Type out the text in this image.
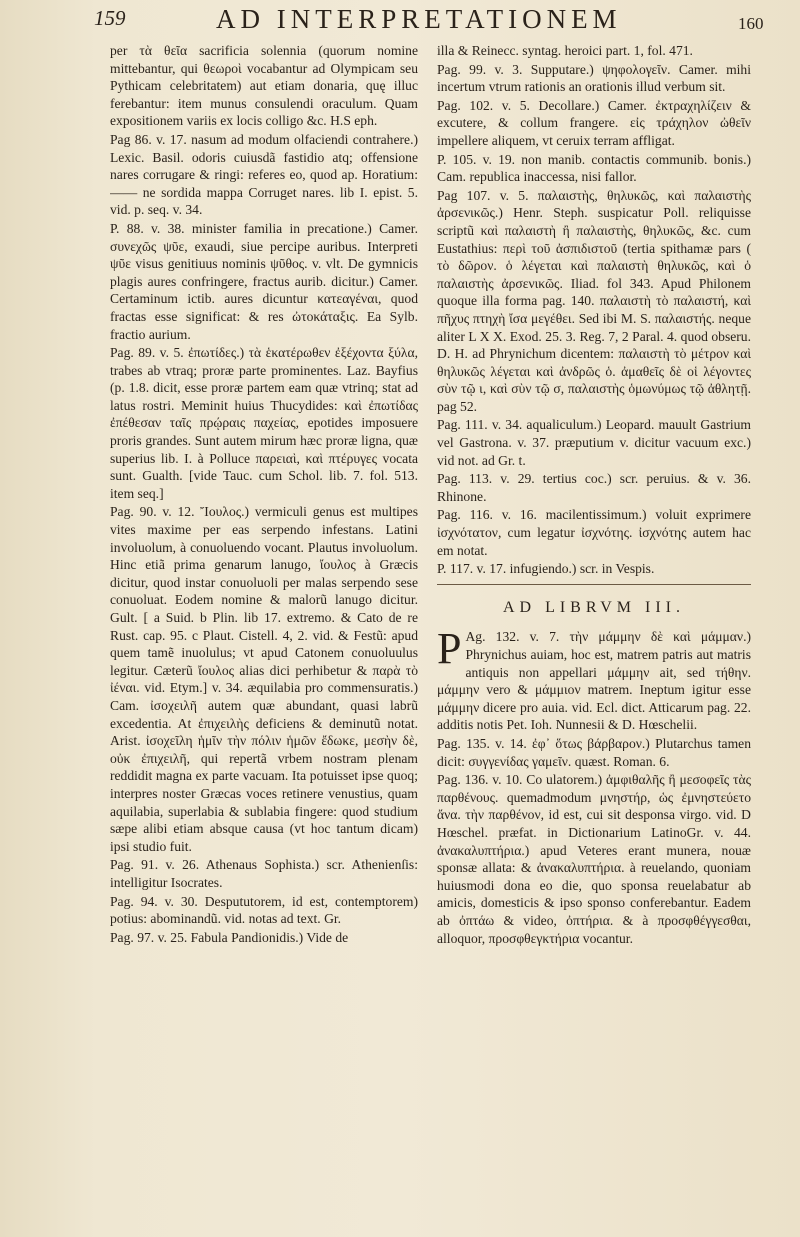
159	AD INTERPRETATIONEM	160

per τὰ θεῖα sacrificia solennia (quorum nomine mittebantur, qui θεωροὶ vocabantur ad Olympicam seu Pythicam celebritatem) aut etiam donaria, quę illuc ferebantur: item munus consulendi oraculum. Quam expositionem variis ex locis colligo &c. H.S eph.

Pag 86. v. 17. nasum ad modum olfaciendi contrahere.) Lexic. Basil. odoris cuiusdã fastidio atq; offensione nares corrugare & ringi: referes eo, quod ap. Horatium: —— ne sordida mappa Corruget nares. lib I. epist. 5. vid. p. seq. v. 34.

P. 88. v. 38. minister familia in precatione.) Camer. συνεχῶς ψῦε, exaudi, siue percipe auribus. Interpreti ψῦε visus genitiuus nominis ψῦθος. v. vlt. De gymnicis plagis aures confringere, fractus aurib. dicitur.) Camer. Certaminum ictib. aures dicuntur κατεαγέναι, quod fractas esse significat: & res ὠτοκάταξις. Ea Sylb. fractio aurium.

Pag. 89. v. 5. ἐπωτίδες.) τὰ ἑκατέρωθεν ἐξέχοντα ξύλα, trabes ab vtraq; proræ parte prominentes. Laz. Bayfius (p. 1.8. dicit, esse proræ partem eam quæ vtrinq; stat ad latus rostri. Meminit huius Thucydides: καὶ ἐπωτίδας ἐπέθεσαν ταῖς πρῴραις παχείας, epotides imposuere proris grandes. Sunt autem mirum hæc proræ ligna, quæ superius lib. I. à Polluce παρειαὶ, καὶ πτέρυγες vocata sunt. Gualth. [vide Tauc. cum Schol. lib. 7. fol. 513. item seq.]

Pag. 90. v. 12. Ἴουλος.) vermiculi genus est multipes vites maxime per eas serpendo infestans. Latini involuolum, à conuoluendo vocant. Plautus involuolum. Hinc etiã prima genarum lanugo, ἴουλος à Græcis dicitur, quod instar conuoluoli per malas serpendo sese conuoluat. Eodem nomine & malorũ lanugo dicitur. Gult. [ a Suid. b Plin. lib 17. extremo. & Cato de re Rust. cap. 95. c Plaut. Cistell. 4, 2. vid. & Festũ: apud quem tamẽ inuolulus; vt apud Catonem conuoluulus legitur. Cæterũ ἴουλος alias dici perhibetur & παρὰ τὸ ἰέναι. vid. Etym.] v. 34. æquilabia pro commensuratis.) Cam. ἰσοχειλῆ autem quæ abundant, quasi labrũ excedentia. At ἐπιχειλὴς deficiens & deminutũ notat. Arist. ἰσοχεῖλη ἡμῖν τὴν πόλιν ἡμῶν ἔδωκε, μεσὴν δὲ, οὐκ ἐπιχειλῆ, qui repertã vrbem nostram plenam reddidit magna ex parte vacuam. Ita potuisset ipse quoq; interpres noster Græcas voces retinere venustius, quam aquilabia, superlabia & sublabia fingere: quod studium sæpe alibi etiam absque causa (vt hoc tantum dicam) ipsi studio fuit.

Pag. 91. v. 26. Athenaus Sophista.) scr. Athenienſis: intelligitur Isocrates.

Pag. 94. v. 30. Despututorem, id est, contemptorem) potius: abominandũ. vid. notas ad text. Gr.

Pag. 97. v. 25. Fabula Pandionidis.) Vide de

illa & Reinecc. syntag. heroici part. 1, fol. 471.

Pag. 99. v. 3. Supputare.) ψηφολογεῖν. Camer. mihi incertum vtrum rationis an orationis illud verbum sit.

Pag. 102. v. 5. Decollare.) Camer. ἐκτραχηλίζειν & excutere, & collum frangere. εἰς τράχηλον ὠθεῖν impellere aliquem, vt ceruix terram affligat.

P. 105. v. 19. non manib. contactis communib. bonis.) Cam. republica inaccessa, nisi fallor.

Pag 107. v. 5. παλαιστὴς, θηλυκῶς, καὶ παλαιστὴς ἀρσενικῶς.) Henr. Steph. suspicatur Poll. reliquisse scriptũ καὶ παλαιστὴ ἢ παλαιστὴς, θηλυκῶς, &c. cum Eustathius: περὶ τοῦ ἀσπιδιστοῦ (tertia spithamæ pars ( τὸ δῶρον. ὁ λέγεται καὶ παλαιστὴ θηλυκῶς, καὶ ὁ παλαιστὴς ἀρσενικῶς. Iliad. fol 343. Apud Philonem quoque illa forma pag. 140. παλαιστὴ τὸ παλαιστή, καὶ πῆχυς πτηχὴ ἴσα μεγέθει. Sed ibi M. S. παλαιστής. neque aliter L X X. Exod. 25. 3. Reg. 7, 2 Paral. 4. quod obseru. D. H. ad Phrynichum dicentem: παλαιστὴ τὸ μέτρον καὶ θηλυκῶς λέγεται καὶ ἀνδρῶς ὁ. ἀμαθεῖς δὲ οἱ λέγοντες σὺν τῷ ι, καὶ σὺν τῷ σ, παλαιστὴς ὁμωνύμως τῷ ἀθλητῇ. pag 52.

Pag. 111. v. 34. aqualiculum.) Leopard. mauult Gastrium vel Gastrona. v. 37. præputium v. dicitur vacuum exc.) vid not. ad Gr. t.

Pag. 113. v. 29. tertius coc.) scr. peruius. & v. 36. Rhinone.

Pag. 116. v. 16. macilentissimum.) voluit exprimere ἰσχνότατον, cum legatur ἰσχνότης. ἰσχνότης autem hac em notat.

P. 117. v. 17. infugiendo.) scr. in Vespis.

AD LIBRVM III.

P Ag. 132. v. 7. τὴν μάμμην δὲ καὶ μάμμαν.) Phrynichus auiam, hoc est, matrem patris aut matris antiquis non appellari μάμμην ait, sed τήθην. μάμμην vero & μάμμιον matrem. Ineptum igitur esse μάμμην dicere pro auia. vid. Ecl. dict. Atticarum pag. 22. additis notis Pet. Ioh. Nunnesii & D. Hœschelii.

Pag. 135. v. 14. ἐφ᾿ ὅτως βάρβαρον.) Plutarchus tamen dicit: συγγενίδας γαμεῖν. quæst. Roman. 6.

Pag. 136. v. 10. Co ulatorem.) ἀμφιθαλῆς ἢ μεσοφεῖς τὰς παρθένους. quemadmodum μνηστήρ, ὡς ἐμνηστεύετο ἄνα. τὴν παρθένον, id est, cui sit desponsa virgo. vid. D Hœschel. præfat. in Dictionarium LatinoGr. v. 44. ἀνακαλυπτήρια.) apud Veteres erant munera, nouæ sponsæ allata: & ἀνακαλυπτήρια. à reuelando, quoniam huiusmodi dona eo die, quo sponsa reuelabatur ab amicis, domesticis & ipso sponso conferebantur. Eadem ab ὀπτάω & video, ὀπτήρια. & à προσφθέγγεσθαι, alloquor, προσφθεγκτήρια vocantur.
